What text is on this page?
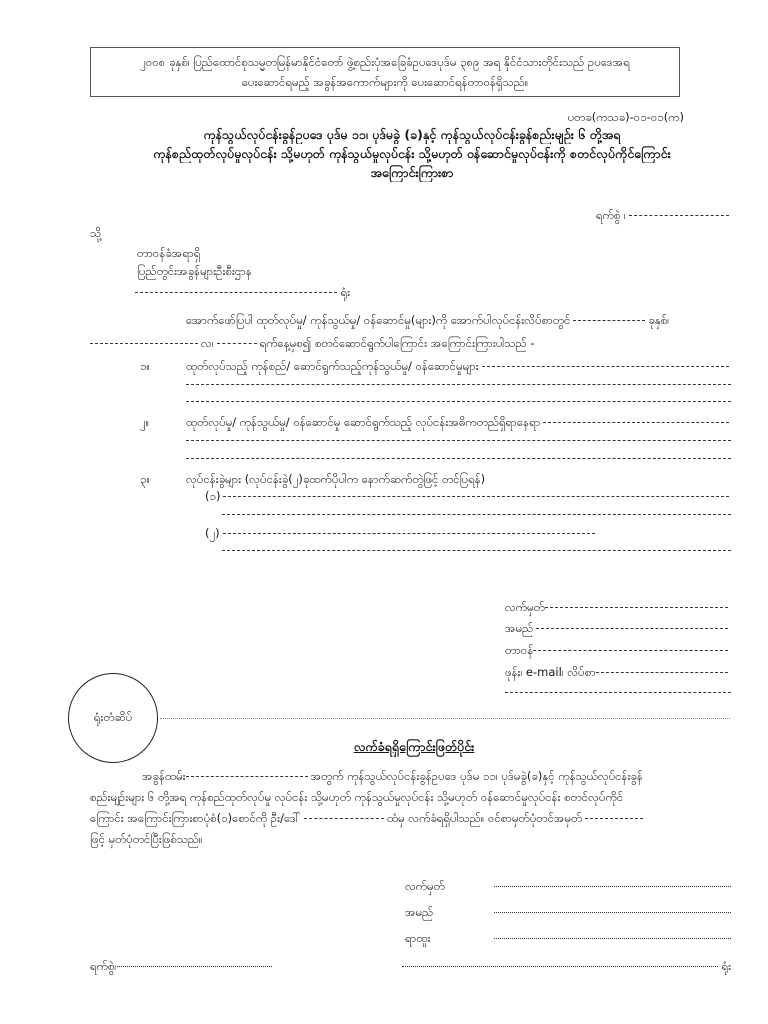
၂၀၀၈ ခုနှစ်၊ ပြည်ထောင်စုသမ္မတမြန်မာနိုင်ငံတော် ဖွဲ့စည်းပုံအခြေခံဥပဒေပုဒ်မ ၃၈၉ အရ နိုင်ငံသားတိုင်းသည် ဥပဒေအရ
ပေးဆောင်ရမည့် အခွန်အကောက်များကို ပေးဆောင်ရန်တာဝန်ရှိသည်။
ပတခ(ကသခ)-၀၁-၀၁(က)
ကုန်သွယ်လုပ်ငန်းခွန်ဥပဒေ ပုဒ်မ ၁၁၊ ပုဒ်မခွဲ (ခ)နှင့် ကုန်သွယ်လုပ်ငန်းခွန်စည်းမျဉ်း ၆ တို့အရ
ကုန်စည်ထုတ်လုပ်မှုလုပ်ငန်း သို့မဟုတ် ကုန်သွယ်မှုလုပ်ငန်း သို့မဟုတ် ဝန်ဆောင်မှုလုပ်ငန်းကို စတင်လုပ်ကိုင်ကြောင်း
အကြောင်းကြားစာ
ရက်စွဲ ၊
သို့
တာဝန်ခံအရာရှိ
ပြည်တွင်းအခွန်များဦးစီးဌာန
ရုံး
အောက်ဖော်ပြပါ ထုတ်လုပ်မှု/ ကုန်သွယ်မှု/ ဝန်ဆောင်မှု(များ)ကို အောက်ပါလုပ်ငန်းလိပ်စာတွင်	ခုနှစ်၊
လ၊	ရက်နေ့မှစ၍ စတင်ဆောင်ရွက်ပါကြောင်း အကြောင်းကြားပါသည် -
၁။	ထုတ်လုပ်သည့် ကုန်စည်/ ဆောင်ရွက်သည့်ကုန်သွယ်မှု/ ဝန်ဆောင်မှုများ
၂။	ထုတ်လုပ်မှု/ ကုန်သွယ်မှု/ ဝန်ဆောင်မှု ဆောင်ရွက်သည့် လုပ်ငန်းအဓိကတည်ရှိရာနေရာ
၃။	လုပ်ငန်းခွဲများ (လုပ်ငန်းခွဲ(၂)ခုထက်ပိုပါက နောက်ဆက်တွဲဖြင့် တင်ပြရန်)
(၁)
(၂)
လက်မှတ်
အမည်
တာဝန်
ဖုန်း၊ e-mail၊ လိပ်စာ
ရုံးတံဆိပ်
လက်ခံရရှိကြောင်းဖြတ်ပိုင်း
အခွန်ထမ်း	အတွက် ကုန်သွယ်လုပ်ငန်းခွန်ဥပဒေ ပုဒ်မ ၁၁၊ ပုဒ်မခွဲ(ခ)နှင့် ကုန်သွယ်လုပ်ငန်းခွန်
စည်းမျဉ်းများ ၆ တို့အရ ကုန်စည်ထုတ်လုပ်မှု လုပ်ငန်း သို့မဟုတ် ကုန်သွယ်မှုလုပ်ငန်း သို့မဟုတ် ဝန်ဆောင်မှုလုပ်ငန်း စတင်လုပ်ကိုင်
ကြောင်း အကြောင်းကြားစာပုံစံ(၁)စောင်ကို ဦး/ဒေါ်	ထံမှ လက်ခံရရှိပါသည်။ ဝင်စာမှတ်ပုံတင်အမှတ်
ဖြင့် မှတ်ပုံတင်ပြီးဖြစ်သည်။
လက်မှတ်
အမည်
ရာထူး
ရက်စွဲ၊	ရုံး
